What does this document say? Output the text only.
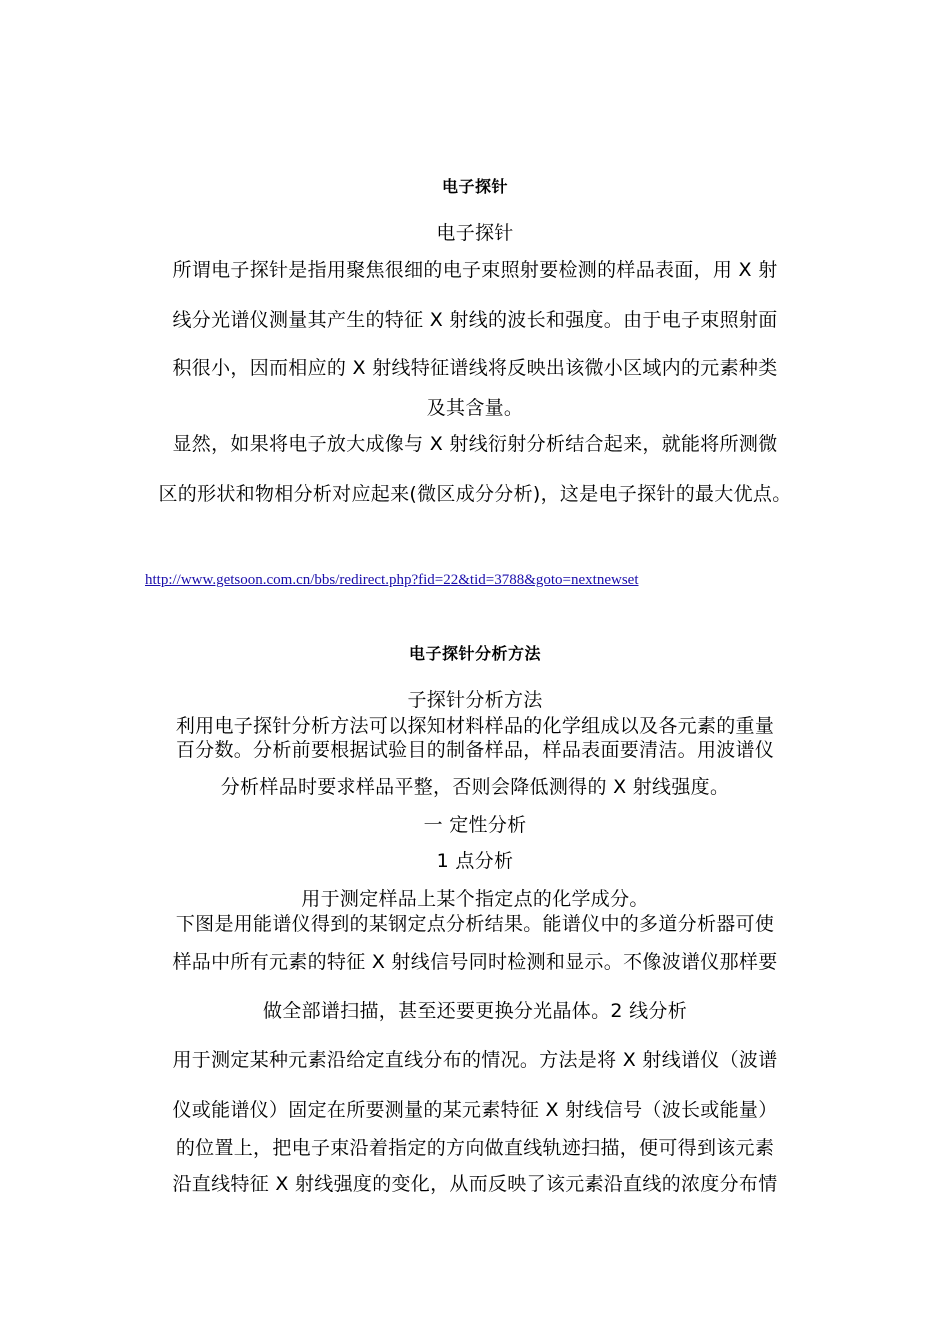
电子探针
电子探针
所谓电子探针是指用聚焦很细的电子束照射要检测的样品表面，用 X 射
线分光谱仪测量其产生的特征 X 射线的波长和强度。由于电子束照射面
积很小，因而相应的 X 射线特征谱线将反映出该微小区域内的元素种类
及其含量。
显然，如果将电子放大成像与 X 射线衍射分析结合起来，就能将所测微
区的形状和物相分析对应起来(微区成分分析)，这是电子探针的最大优点。
http://www.getsoon.com.cn/bbs/redirect.php?fid=22&tid=3788&goto=nextnewset
电子探针分析方法
子探针分析方法
利用电子探针分析方法可以探知材料样品的化学组成以及各元素的重量
百分数。分析前要根据试验目的制备样品，样品表面要清洁。用波谱仪
分析样品时要求样品平整，否则会降低测得的 X 射线强度。
一 定性分析
1 点分析
用于测定样品上某个指定点的化学成分。
下图是用能谱仪得到的某钢定点分析结果。能谱仪中的多道分析器可使
样品中所有元素的特征 X 射线信号同时检测和显示。不像波谱仪那样要
做全部谱扫描，甚至还要更换分光晶体。2 线分析
用于测定某种元素沿给定直线分布的情况。方法是将 X 射线谱仪（波谱
仪或能谱仪）固定在所要测量的某元素特征 X 射线信号（波长或能量）
的位置上，把电子束沿着指定的方向做直线轨迹扫描，便可得到该元素
沿直线特征 X 射线强度的变化，从而反映了该元素沿直线的浓度分布情
